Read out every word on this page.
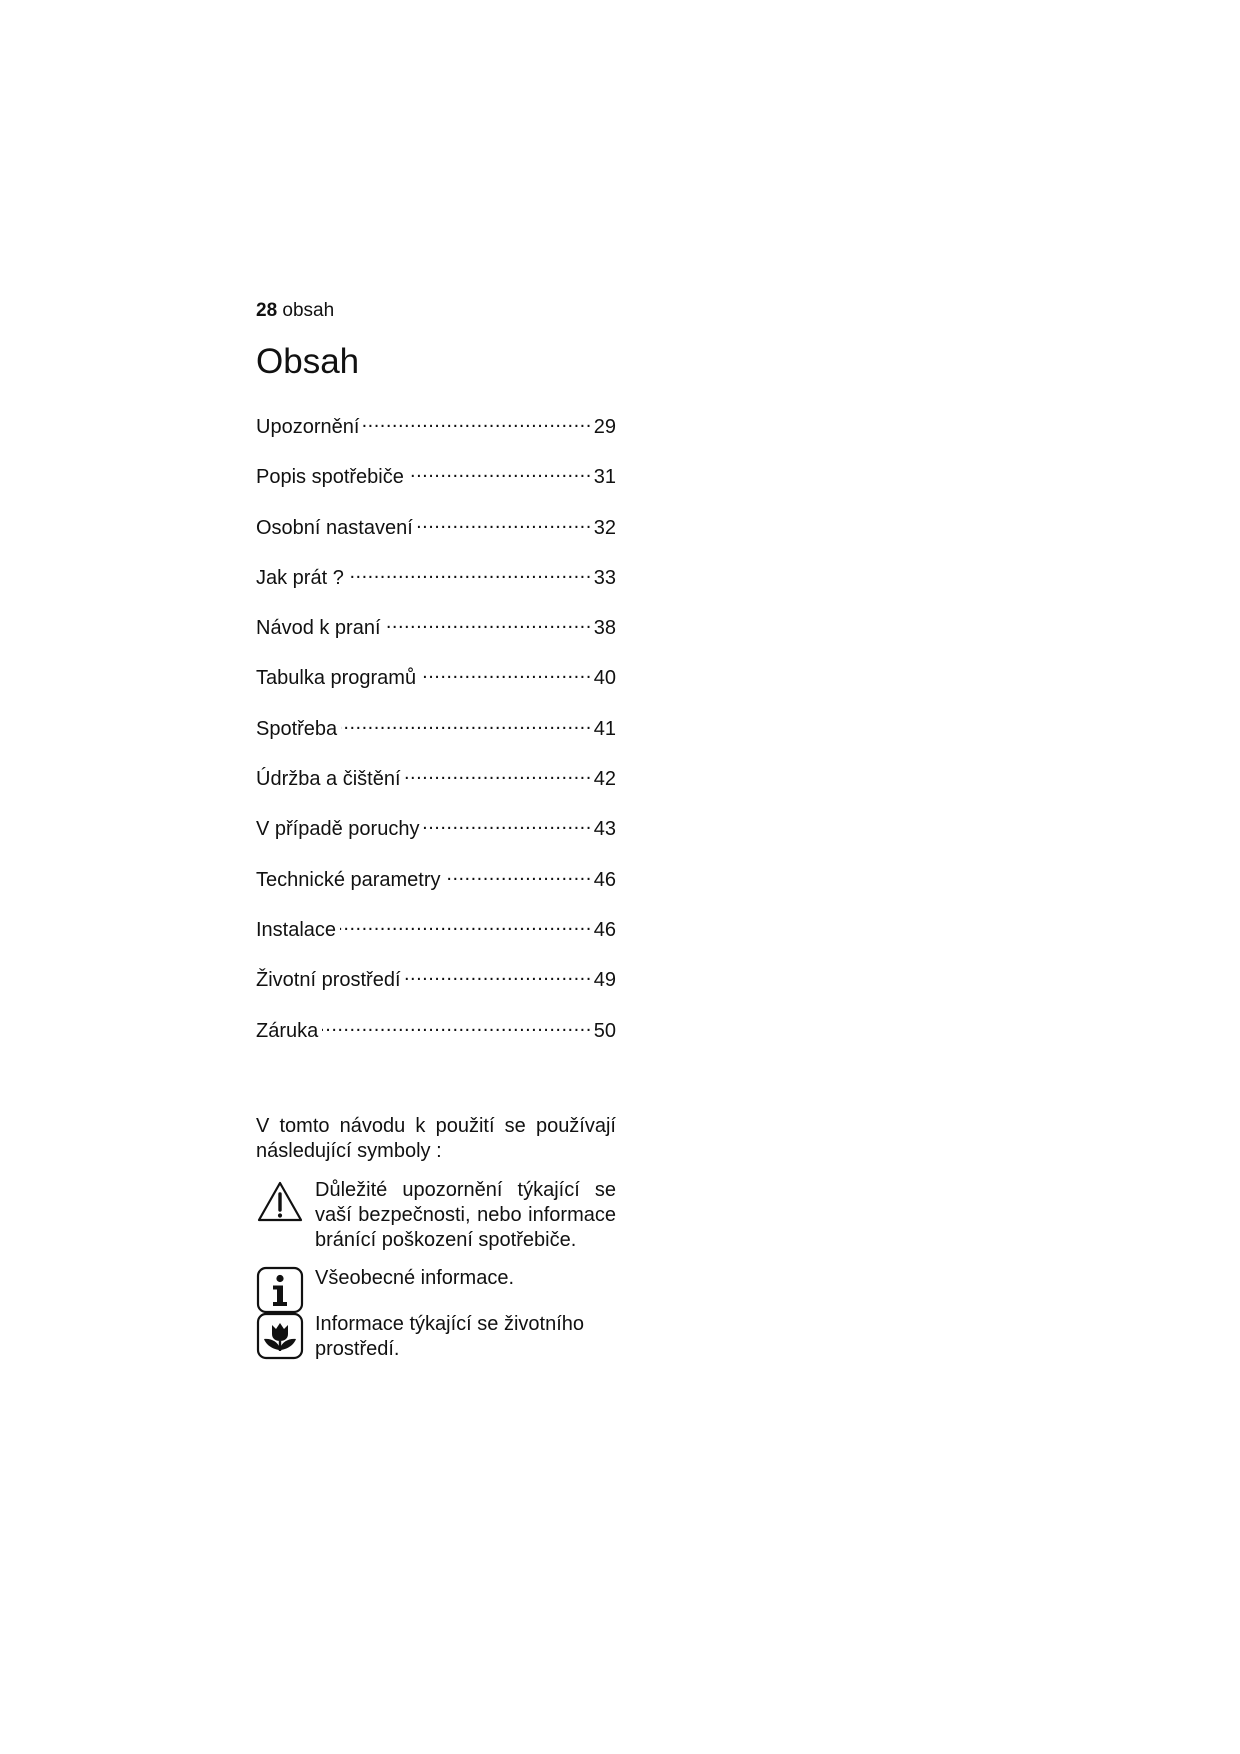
28 obsah
Obsah
Upozornění .....	29
Popis spotřebiče .....	31
Osobní nastavení .....	32
Jak prát ? .....	33
Návod k praní .....	38
Tabulka programů .....	40
Spotřeba .....	41
Údržba a čištění .....	42
V případě poruchy .....	43
Technické parametry .....	46
Instalace .....	46
Životní prostředí .....	49
Záruka .....	50
V tomto návodu k použití se používají následující symboly :
Důležité upozornění týkající se vaší bezpečnosti, nebo informace bránící poškození spotřebiče.
Všeobecné informace.
Informace týkající se životního prostředí.
